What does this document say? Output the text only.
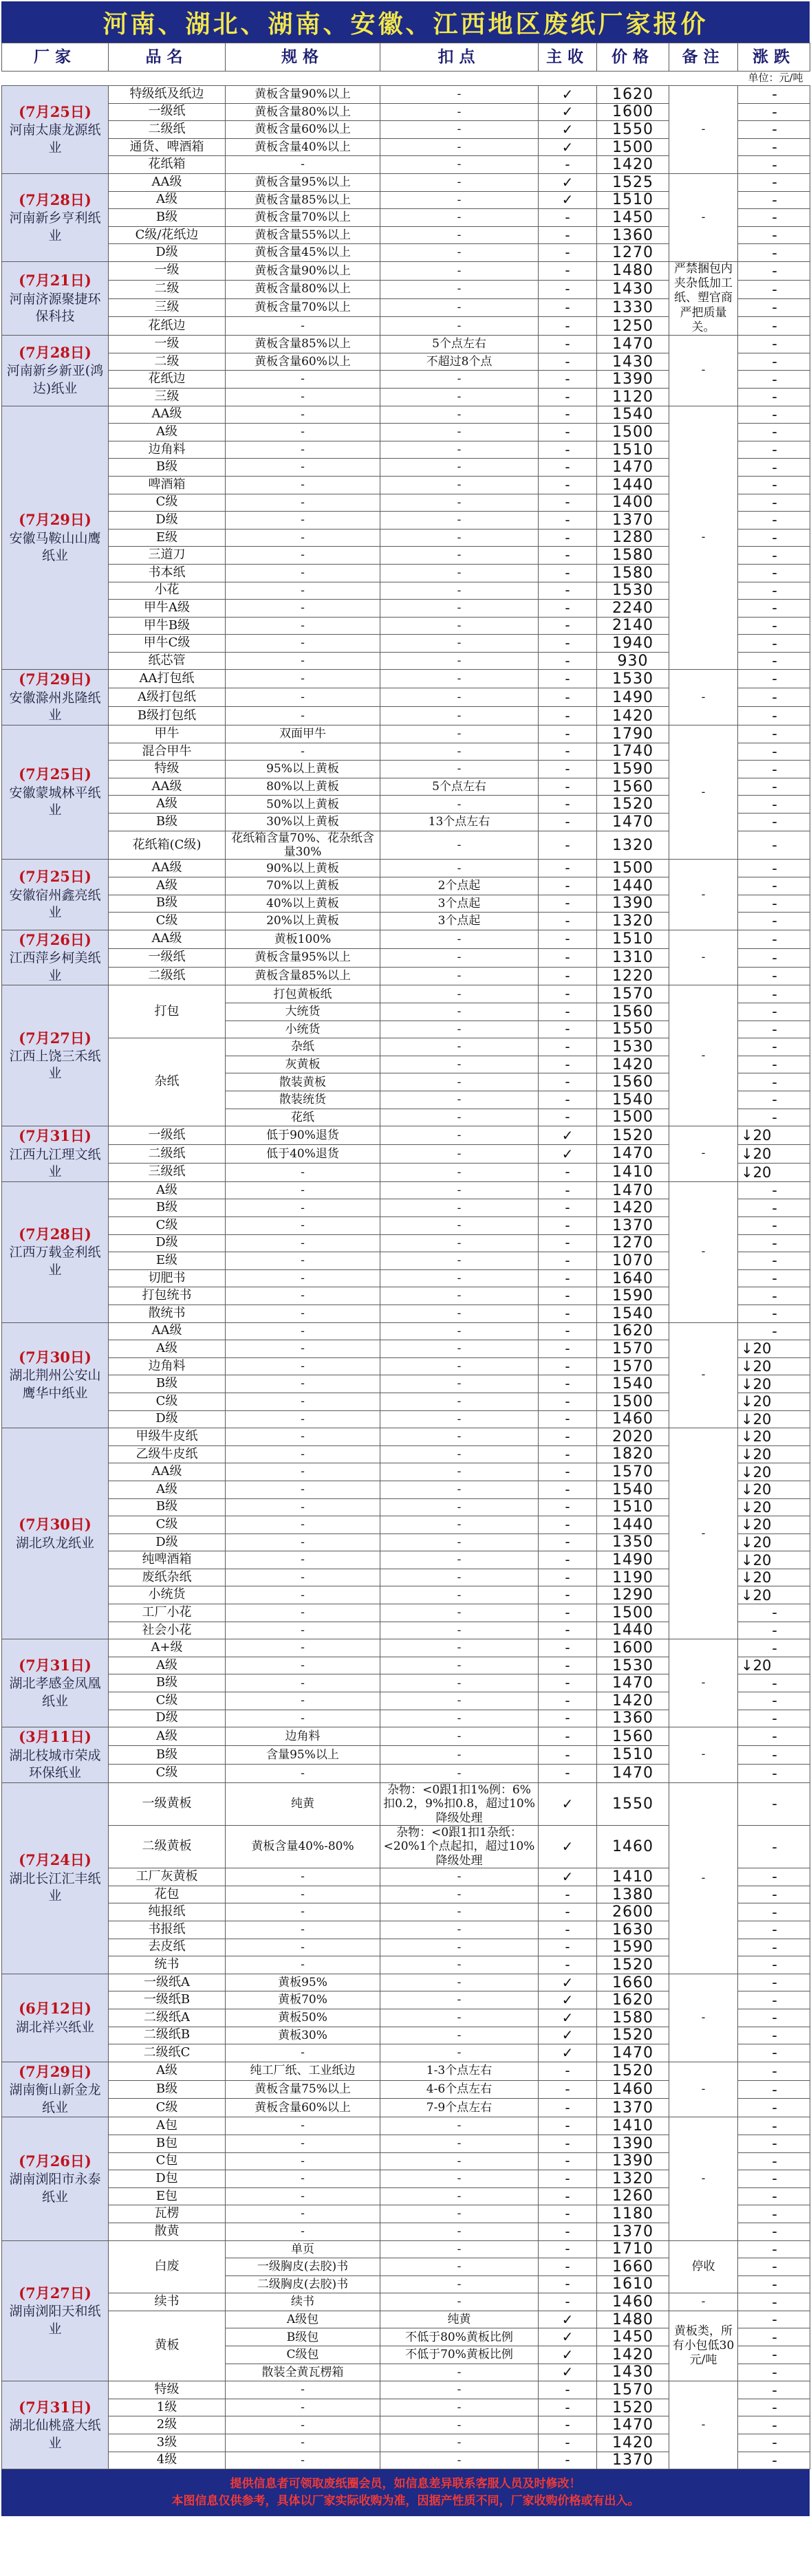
河南、湖北、湖南、安徽、江西地区废纸厂家报价
厂家	品名	规格	扣点	主收	价格	备注	涨跌
				单位：元/吨			

(7月25日)
河南太康龙源纸业	特级纸及纸边	黄板含量90%以上	-	✓	1620	-	-
	一级纸	黄板含量80%以上	-	✓	1600		-
	二级纸	黄板含量60%以上	-	✓	1550		-
	通货、啤酒箱	黄板含量40%以上	-	✓	1500		-
	花纸箱	-	-	-	1420		-

(7月28日)
河南新乡亨利纸业	AA级	黄板含量95%以上	-	✓	1525	-	-
	A级	黄板含量85%以上	-	✓	1510		-
	B级	黄板含量70%以上	-	-	1450		-
	C级/花纸边	黄板含量55%以上	-	-	1360		-
	D级	黄板含量45%以上	-	-	1270		-

(7月21日)
河南济源聚捷环保科技	一级	黄板含量90%以上	-	-	1480	严禁捆包内夹杂低加工纸、塑官商严把质量关。	-
	二级	黄板含量80%以上	-	-	1430		-
	三级	黄板含量70%以上	-	-	1330		-
	花纸边	-	-	-	1250		-

(7月28日)
河南新乡新亚(鸿达)纸业	一级	黄板含量85%以上	5个点左右	-	1470	-	-
	二级	黄板含量60%以上	不超过8个点	-	1430		-
	花纸边	-	-	-	1390		-
	三级	-	-	-	1120		-

(7月29日)
安徽马鞍山山鹰纸业	AA级	-	-	-	1540	-	-
	A级	-	-	-	1500		-
	边角料	-	-	-	1510		-
	B级	-	-	-	1470		-
	啤酒箱	-	-	-	1440		-
	C级	-	-	-	1400		-
	D级	-	-	-	1370		-
	E级	-	-	-	1280		-
	三道刀	-	-	-	1580		-
	书本纸	-	-	-	1580		-
	小花	-	-	-	1530		-
	甲牛A级	-	-	-	2240		-
	甲牛B级	-	-	-	2140		-
	甲牛C级	-	-	-	1940		-
	纸芯管	-	-	-	930		-

(7月29日)
安徽滁州兆隆纸业	AA打包纸	-	-	-	1530	-	-
	A级打包纸	-	-	-	1490		-
	B级打包纸	-	-	-	1420		-

(7月25日)
安徽蒙城林平纸业	甲牛	双面甲牛	-	-	1790	-	-
	混合甲牛	-	-	-	1740		-
	特级	95%以上黄板	-	-	1590		-
	AA级	80%以上黄板	5个点左右	-	1560		-
	A级	50%以上黄板	-	-	1520		-
	B级	30%以上黄板	13个点左右	-	1470		-
	花纸箱(C级)	花纸箱含量70%、花杂纸含量30%	-	-	1320		-

(7月25日)
安徽宿州鑫亮纸业	AA级	90%以上黄板	-	-	1500	-	-
	A级	70%以上黄板	2个点起	-	1440		-
	B级	40%以上黄板	3个点起	-	1390		-
	C级	20%以上黄板	3个点起	-	1320		-

(7月26日)
江西萍乡柯美纸业	AA级	黄板100%	-	-	1510	-	-
	一级纸	黄板含量95%以上	-	-	1310		-
	二级纸	黄板含量85%以上	-	-	1220		-

(7月27日)
江西上饶三禾纸业	打包	打包黄板纸	-	-	1570	-	-
		大统货	-	-	1560		-
		小统货	-	-	1550		-
	杂纸	杂纸	-	-	1530		-
		灰黄板	-	-	1420		-
		散装黄板	-	-	1560		-
		散装统货	-	-	1540		-
		花纸	-	-	1500		-

(7月31日)
江西九江理文纸业	一级纸	低于90%退货	-	✓	1520	-	↓20
	二级纸	低于40%退货	-	✓	1470		↓20
	三级纸	-	-	-	1410		↓20

(7月28日)
江西万载金利纸业	A级	-	-	-	1470	-	-
	B级	-	-	-	1420		-
	C级	-	-	-	1370		-
	D级	-	-	-	1270		-
	E级	-	-	-	1070		-
	切肥书	-	-	-	1640		-
	打包统书	-	-	-	1590		-
	散统书	-	-	-	1540		-

(7月30日)
湖北荆州公安山鹰华中纸业	AA级	-	-	-	1620	-	-
	A级	-	-	-	1570		↓20
	边角料	-	-	-	1570		↓20
	B级	-	-	-	1540		↓20
	C级	-	-	-	1500		↓20
	D级	-	-	-	1460		↓20

(7月30日)
湖北玖龙纸业	甲级牛皮纸	-	-	-	2020	-	↓20
	乙级牛皮纸	-	-	-	1820		↓20
	AA级	-	-	-	1570		↓20
	A级	-	-	-	1540		↓20
	B级	-	-	-	1510		↓20
	C级	-	-	-	1440		↓20
	D级	-	-	-	1350		↓20
	纯啤酒箱	-	-	-	1490		↓20
	废纸杂纸	-	-	-	1190		↓20
	小统货	-	-	-	1290		↓20
	工厂小花	-	-	-	1500		-
	社会小花	-	-	-	1440		-

(7月31日)
湖北孝感金凤凰纸业	A+级	-	-	-	1600	-	-
	A级	-	-	-	1530		↓20
	B级	-	-	-	1470		-
	C级	-	-	-	1420		-
	D级	-	-	-	1360		-

(3月11日)
湖北枝城市荣成环保纸业	A级	边角料	-	-	1560	-	-
	B级	含量95%以上	-	-	1510		-
	C级	-	-	-	1470		-

(7月24日)
湖北长江汇丰纸业	一级黄板	纯黄	杂物：<0跟1扣1%例：6%扣0.2，9%扣0.8，超过10%降级处理	✓	1550	-	-
	二级黄板	黄板含量40%-80%	杂物：<0跟1扣1杂纸：<20%1个点起扣，超过10%降级处理	✓	1460		-
	工厂灰黄板	-	-	✓	1410		-
	花包	-	-	-	1380		-
	纯报纸	-	-	-	2600		-
	书报纸	-	-	-	1630		-
	去皮纸	-	-	-	1590		-
	统书	-	-	-	1520		-

(6月12日)
湖北祥兴纸业	一级纸A	黄板95%	-	✓	1660	-	-
	一级纸B	黄板70%	-	✓	1620		-
	二级纸A	黄板50%	-	✓	1580		-
	二级纸B	黄板30%	-	✓	1520		-
	二级纸C	-	-	✓	1470		-

(7月29日)
湖南衡山新金龙纸业	A级	纯工厂纸、工业纸边	1-3个点左右	-	1520	-	-
	B级	黄板含量75%以上	4-6个点左右	-	1460		-
	C级	黄板含量60%以上	7-9个点左右	-	1370		-

(7月26日)
湖南浏阳市永泰纸业	A包	-	-	-	1410	-	-
	B包	-	-	-	1390		-
	C包	-	-	-	1390		-
	D包	-	-	-	1320		-
	E包	-	-	-	1260		-
	瓦楞	-	-	-	1180		-
	散黄	-	-	-	1370		-

(7月27日)
湖南浏阳天和纸业	白废	单页	-	-	1710	停收	-
		一级胸皮(去胶)书	-	-	1660		-
		二级胸皮(去胶)书	-	-	1610		-
	续书	续书	-	-	1460	-	-
	黄板	A级包	纯黄	✓	1480	黄板类，所有小包低30元/吨	-
		B级包	不低于80%黄板比例	✓	1450		-
		C级包	不低于70%黄板比例	✓	1420		-
		散装全黄瓦楞箱	-	✓	1430		-

(7月31日)
湖北仙桃盛大纸业	特级	-	-	-	1570	-	-
	1级	-	-	-	1520		-
	2级	-	-	-	1470		-
	3级	-	-	-	1420		-
	4级	-	-	-	1370		-
提供信息者可领取废纸圈会员，如信息差异联系客服人员及时修改！
本图信息仅供参考，具体以厂家实际收购为准，因据产性质不同，厂家收购价格或有出入。
